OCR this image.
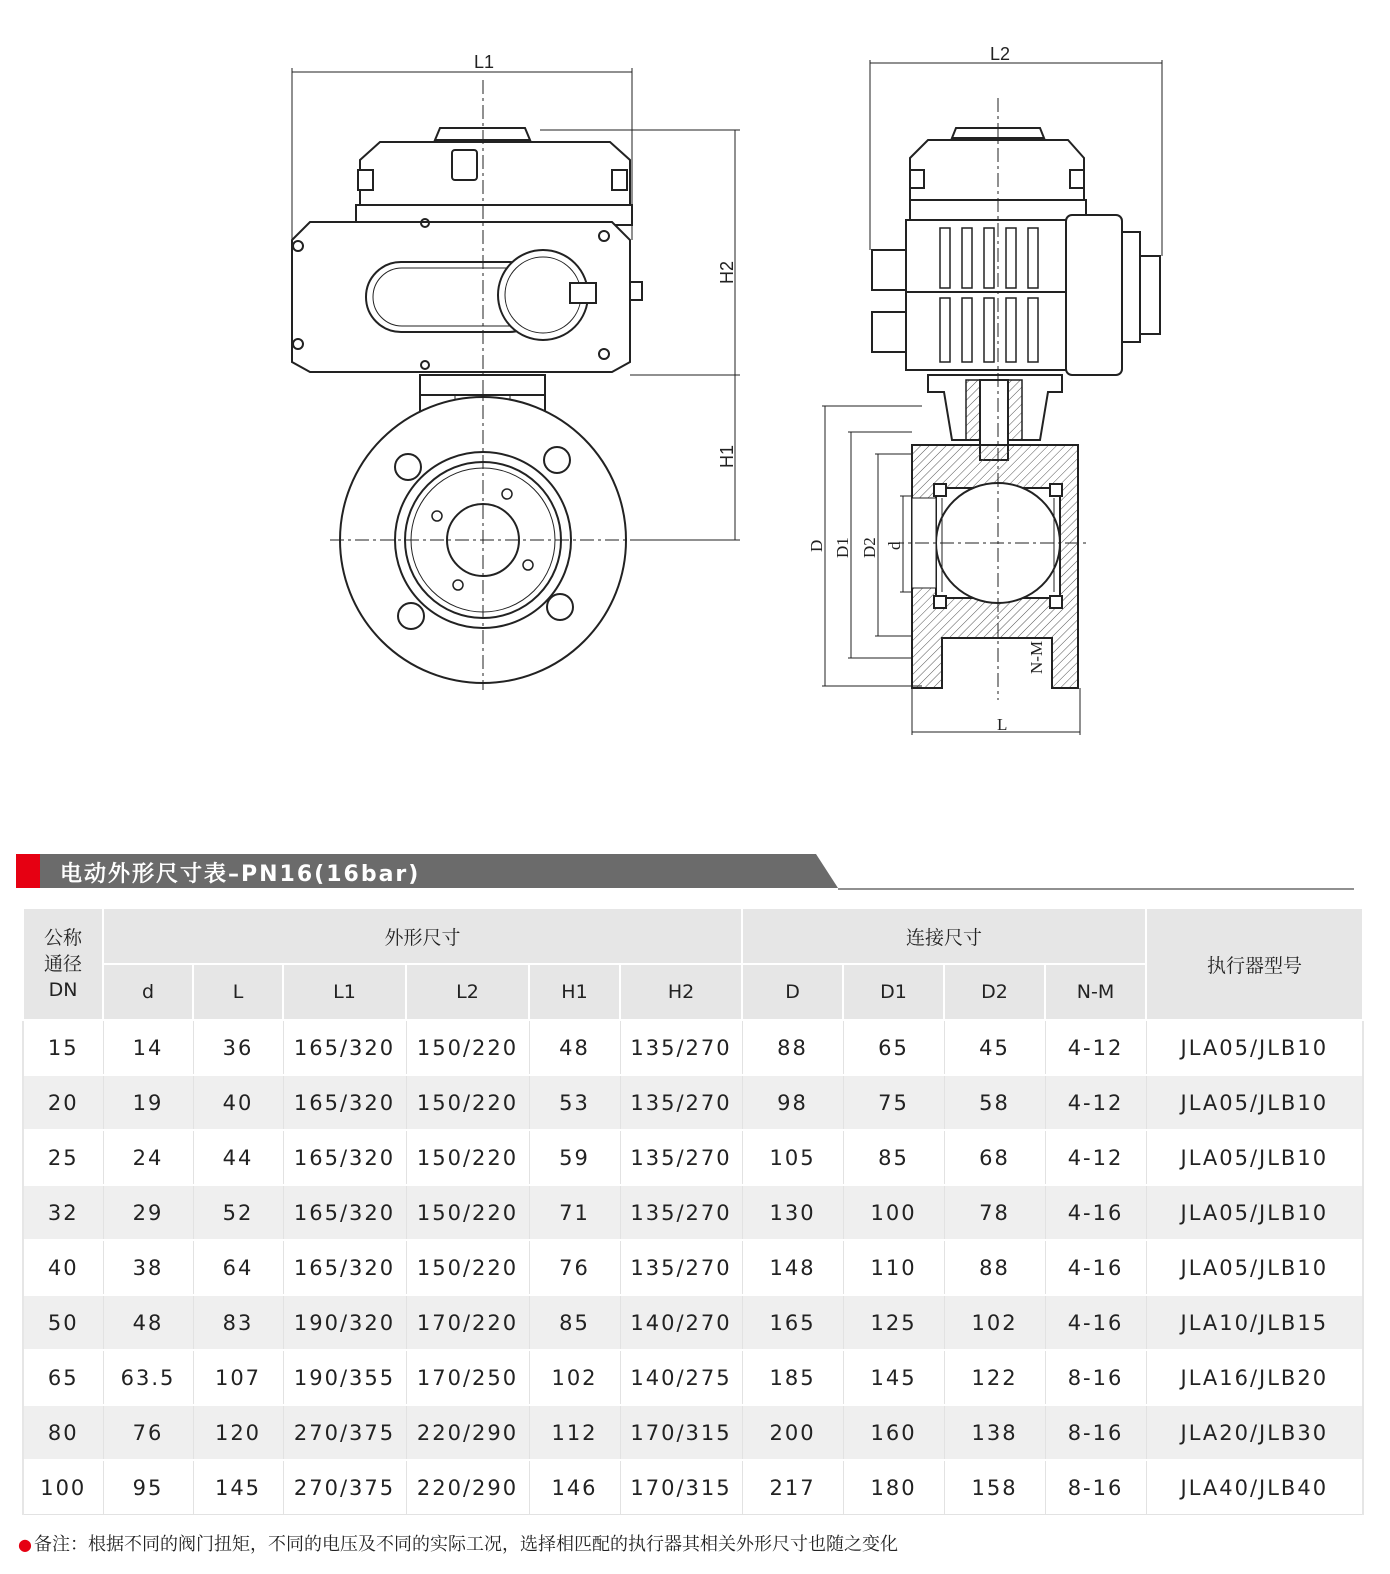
L1
H2
H1
L2
D D1 D2 d
N-M
L
电动外形尺寸表–PN16(16bar)
公称
通径
DN	外形尺寸						连接尺寸				执行器型号
	d	L	L1	L2	H1	H2	D	D1	D2	N-M	
15	14	36	165/320	150/220	48	135/270	88	65	45	4-12	JLA05/JLB10
20	19	40	165/320	150/220	53	135/270	98	75	58	4-12	JLA05/JLB10
25	24	44	165/320	150/220	59	135/270	105	85	68	4-12	JLA05/JLB10
32	29	52	165/320	150/220	71	135/270	130	100	78	4-16	JLA05/JLB10
40	38	64	165/320	150/220	76	135/270	148	110	88	4-16	JLA05/JLB10
50	48	83	190/320	170/220	85	140/270	165	125	102	4-16	JLA10/JLB15
65	63.5	107	190/355	170/250	102	140/275	185	145	122	8-16	JLA16/JLB20
80	76	120	270/375	220/290	112	170/315	200	160	138	8-16	JLA20/JLB30
100	95	145	270/375	220/290	146	170/315	217	180	158	8-16	JLA40/JLB40
● 备注：根据不同的阀门扭矩，不同的电压及不同的实际工况，选择相匹配的执行器其相关外形尺寸也随之变化
